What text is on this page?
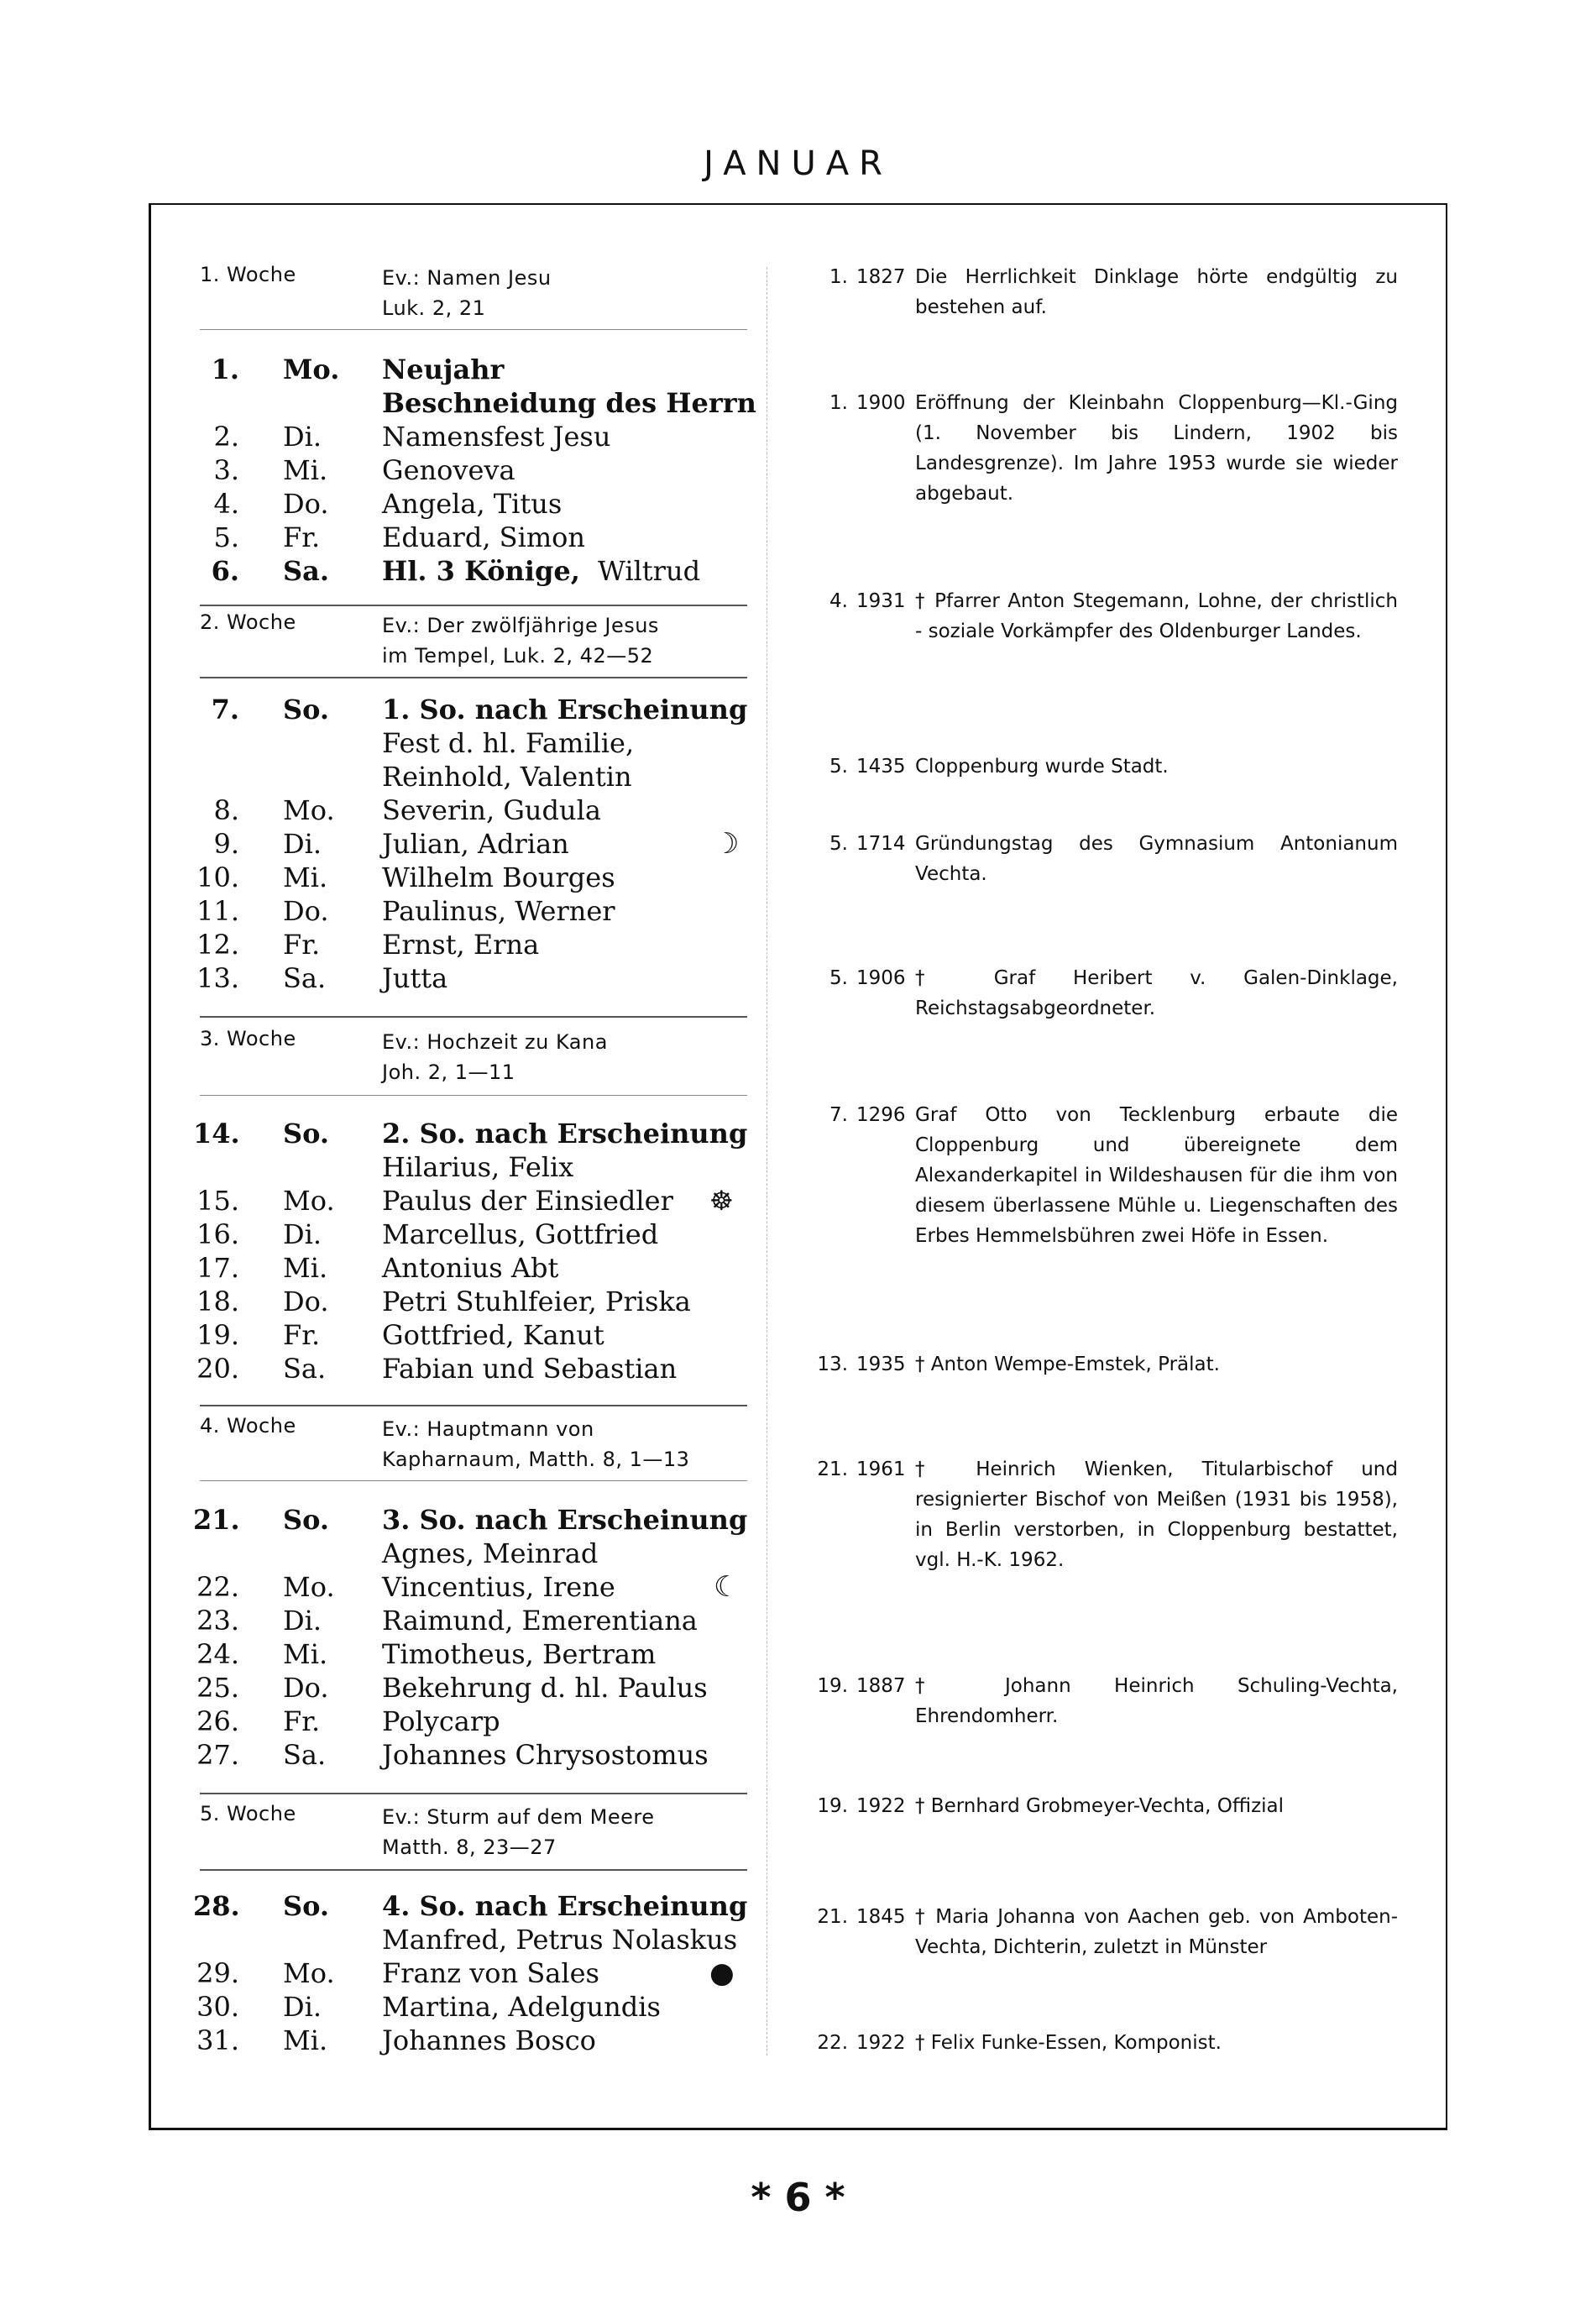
JANUAR
1. Woche	Ev.: Namen Jesu
Luk. 2, 21
1. Mo. Neujahr
Beschneidung des Herrn
2. Di. Namensfest Jesu
3. Mi. Genoveva
4. Do. Angela, Titus
5. Fr. Eduard, Simon
6. Sa. Hl. 3 Könige, Wiltrud
2. Woche	Ev.: Der zwölfjährige Jesus
im Tempel, Luk. 2, 42—52
7. So. 1. So. nach Erscheinung
Fest d. hl. Familie,
Reinhold, Valentin
8. Mo. Severin, Gudula
9. Di. Julian, Adrian	☽
10. Mi. Wilhelm Bourges
11. Do. Paulinus, Werner
12. Fr. Ernst, Erna
13. Sa. Jutta
3. Woche	Ev.: Hochzeit zu Kana
Joh. 2, 1—11
14. So. 2. So. nach Erscheinung
Hilarius, Felix
15. Mo. Paulus der Einsiedler ☸
16. Di. Marcellus, Gottfried
17. Mi. Antonius Abt
18. Do. Petri Stuhlfeier, Priska
19. Fr. Gottfried, Kanut
20. Sa. Fabian und Sebastian
4. Woche	Ev.: Hauptmann von
Kapharnaum, Matth. 8, 1—13
21. So. 3. So. nach Erscheinung
Agnes, Meinrad
22. Mo. Vincentius, Irene	☾
23. Di. Raimund, Emerentiana
24. Mi. Timotheus, Bertram
25. Do. Bekehrung d. hl. Paulus
26. Fr. Polycarp
27. Sa. Johannes Chrysostomus
5. Woche	Ev.: Sturm auf dem Meere
Matth. 8, 23—27
28. So. 4. So. nach Erscheinung
Manfred, Petrus Nolaskus
29. Mo. Franz von Sales	●
30. Di. Martina, Adelgundis
31. Mi. Johannes Bosco
1. 1827 Die Herrlichkeit Dinklage hörte endgültig zu bestehen auf.
1. 1900 Eröffnung der Kleinbahn Cloppenburg—Kl.-Ging (1. November bis Lindern, 1902 bis Landesgrenze). Im Jahre 1953 wurde sie wieder abgebaut.
4. 1931 † Pfarrer Anton Stegemann, Lohne, der christlich - soziale Vorkämpfer des Oldenburger Landes.
5. 1435 Cloppenburg wurde Stadt.
5. 1714 Gründungstag des Gymnasium Antonianum Vechta.
5. 1906 † Graf Heribert v. Galen-Dinklage, Reichstagsabgeordneter.
7. 1296 Graf Otto von Tecklenburg erbaute die Cloppenburg und übereignete dem Alexanderkapitel in Wildeshausen für die ihm von diesem überlassene Mühle u. Liegenschaften des Erbes Hemmelsbühren zwei Höfe in Essen.
13. 1935 † Anton Wempe-Emstek, Prälat.
21. 1961 † Heinrich Wienken, Titularbischof und resignierter Bischof von Meißen (1931 bis 1958), in Berlin verstorben, in Cloppenburg bestattet, vgl. H.-K. 1962.
19. 1887 † Johann Heinrich Schuling-Vechta, Ehrendomherr.
19. 1922 † Bernhard Grobmeyer-Vechta, Offizial
21. 1845 † Maria Johanna von Aachen geb. von Amboten-Vechta, Dichterin, zuletzt in Münster
22. 1922 † Felix Funke-Essen, Komponist.
* 6 *
